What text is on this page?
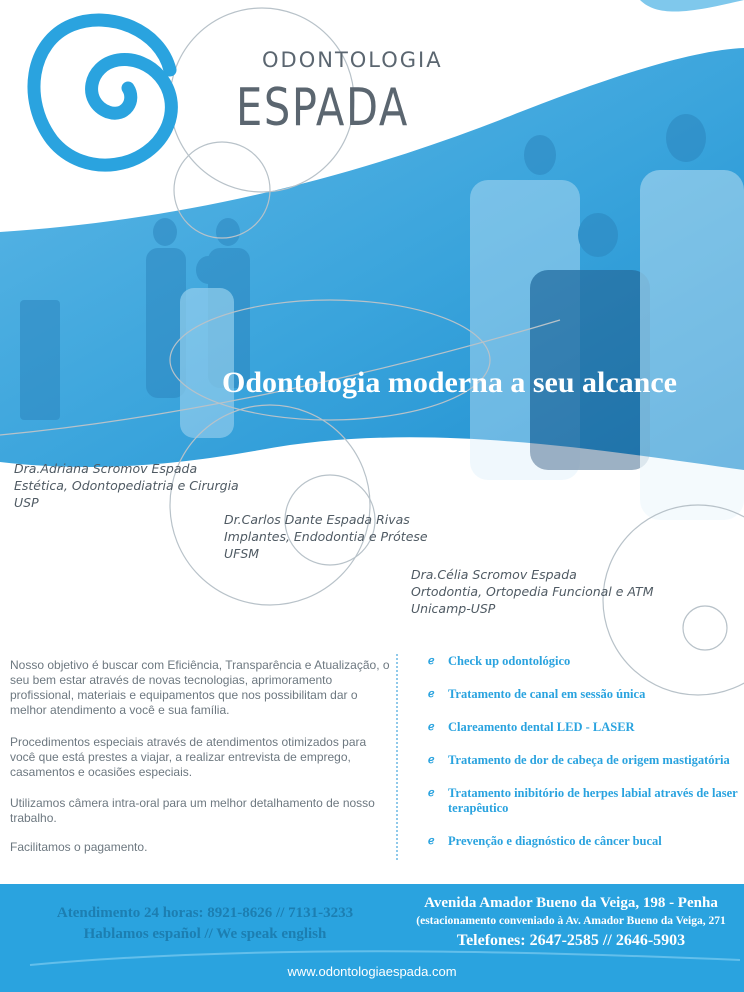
ODONTOLOGIA
ESPADA
Odontologia moderna a seu alcance
Dra.Adriana Scromov Espada
Estética, Odontopediatria e Cirurgia
USP
Dr.Carlos Dante Espada Rivas
Implantes, Endodontia e Prótese
UFSM
Dra.Célia Scromov Espada
Ortodontia, Ortopedia Funcional e ATM
Unicamp-USP
Nosso objetivo é buscar com Eficiência, Transparência e Atualização, o seu bem estar através de novas tecnologias, aprimoramento profissional, materiais e equipamentos que nos possibilitam dar o melhor atendimento a você e sua família.
Procedimentos especiais através de atendimentos otimizados para você que está prestes a viajar, a realizar entrevista de emprego, casamentos e ocasiões especiais.
Utilizamos câmera intra-oral para um melhor detalhamento de nosso trabalho.
Facilitamos o pagamento.
ℯ Check up odontológico
ℯ Tratamento de canal em sessão única
ℯ Clareamento dental LED - LASER
ℯ Tratamento de dor de cabeça de origem mastigatória
ℯ Tratamento inibitório de herpes labial através de laser terapêutico
ℯ Prevenção e diagnóstico de câncer bucal
Atendimento 24 horas: 8921-8626 // 7131-3233
Hablamos español // We speak english
Avenida Amador Bueno da Veiga, 198 - Penha
(estacionamento conveniado à Av. Amador Bueno da Veiga, 271
Telefones: 2647-2585 // 2646-5903
www.odontologiaespada.com
